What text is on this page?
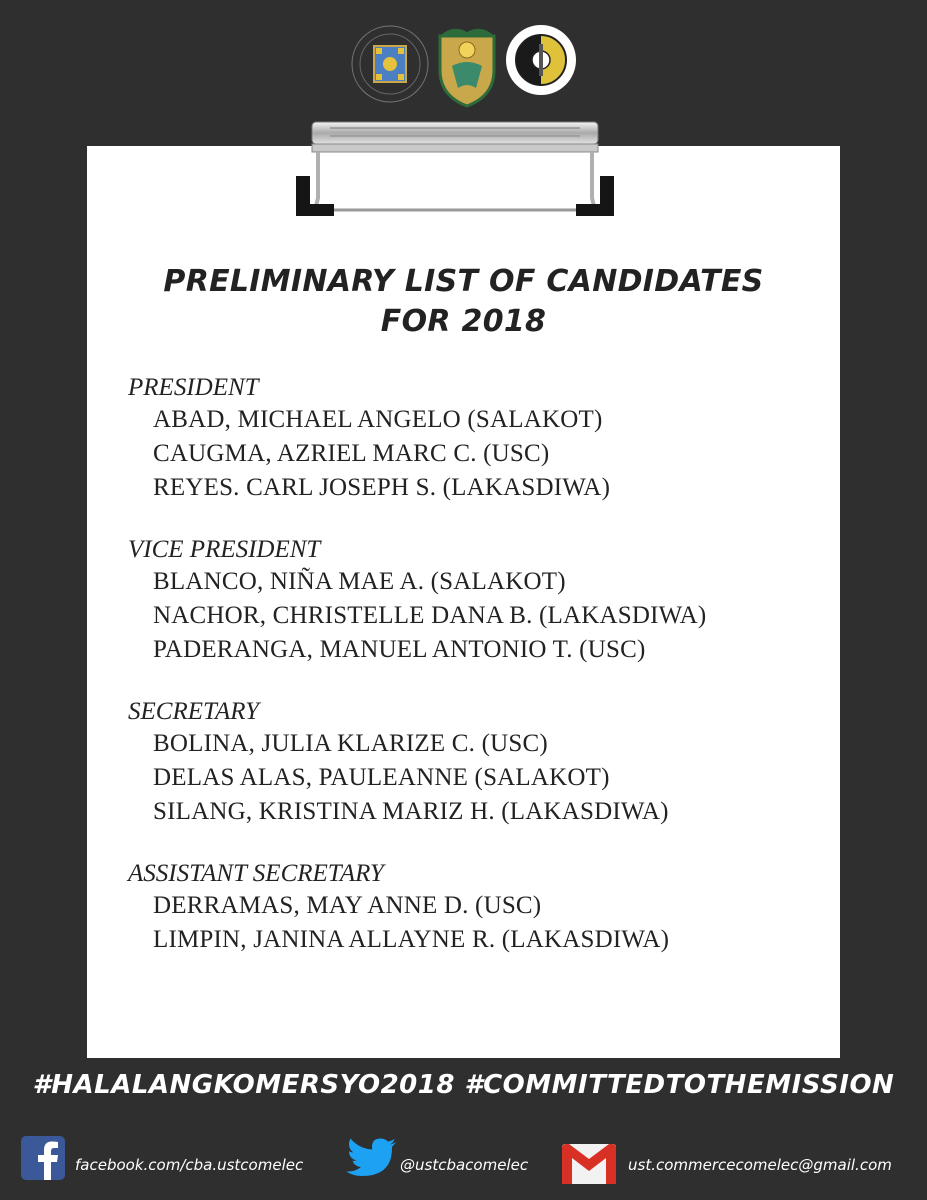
PRELIMINARY LIST OF CANDIDATES
FOR 2018
PRESIDENT
ABAD, MICHAEL ANGELO (SALAKOT)
CAUGMA, AZRIEL MARC C. (USC)
REYES. CARL JOSEPH S. (LAKASDIWA)
VICE PRESIDENT
BLANCO, NIÑA MAE A. (SALAKOT)
NACHOR, CHRISTELLE DANA B. (LAKASDIWA)
PADERANGA, MANUEL ANTONIO T. (USC)
SECRETARY
BOLINA, JULIA KLARIZE C. (USC)
DELAS ALAS, PAULEANNE (SALAKOT)
SILANG, KRISTINA MARIZ H. (LAKASDIWA)
ASSISTANT SECRETARY
DERRAMAS, MAY ANNE D. (USC)
LIMPIN, JANINA ALLAYNE R. (LAKASDIWA)
#HALALANGKOMERSYO2018 #COMMITTEDTOTHEMISSION
facebook.com/cba.ustcomelec	@ustcbacomelec	ust.commercecomelec@gmail.com
